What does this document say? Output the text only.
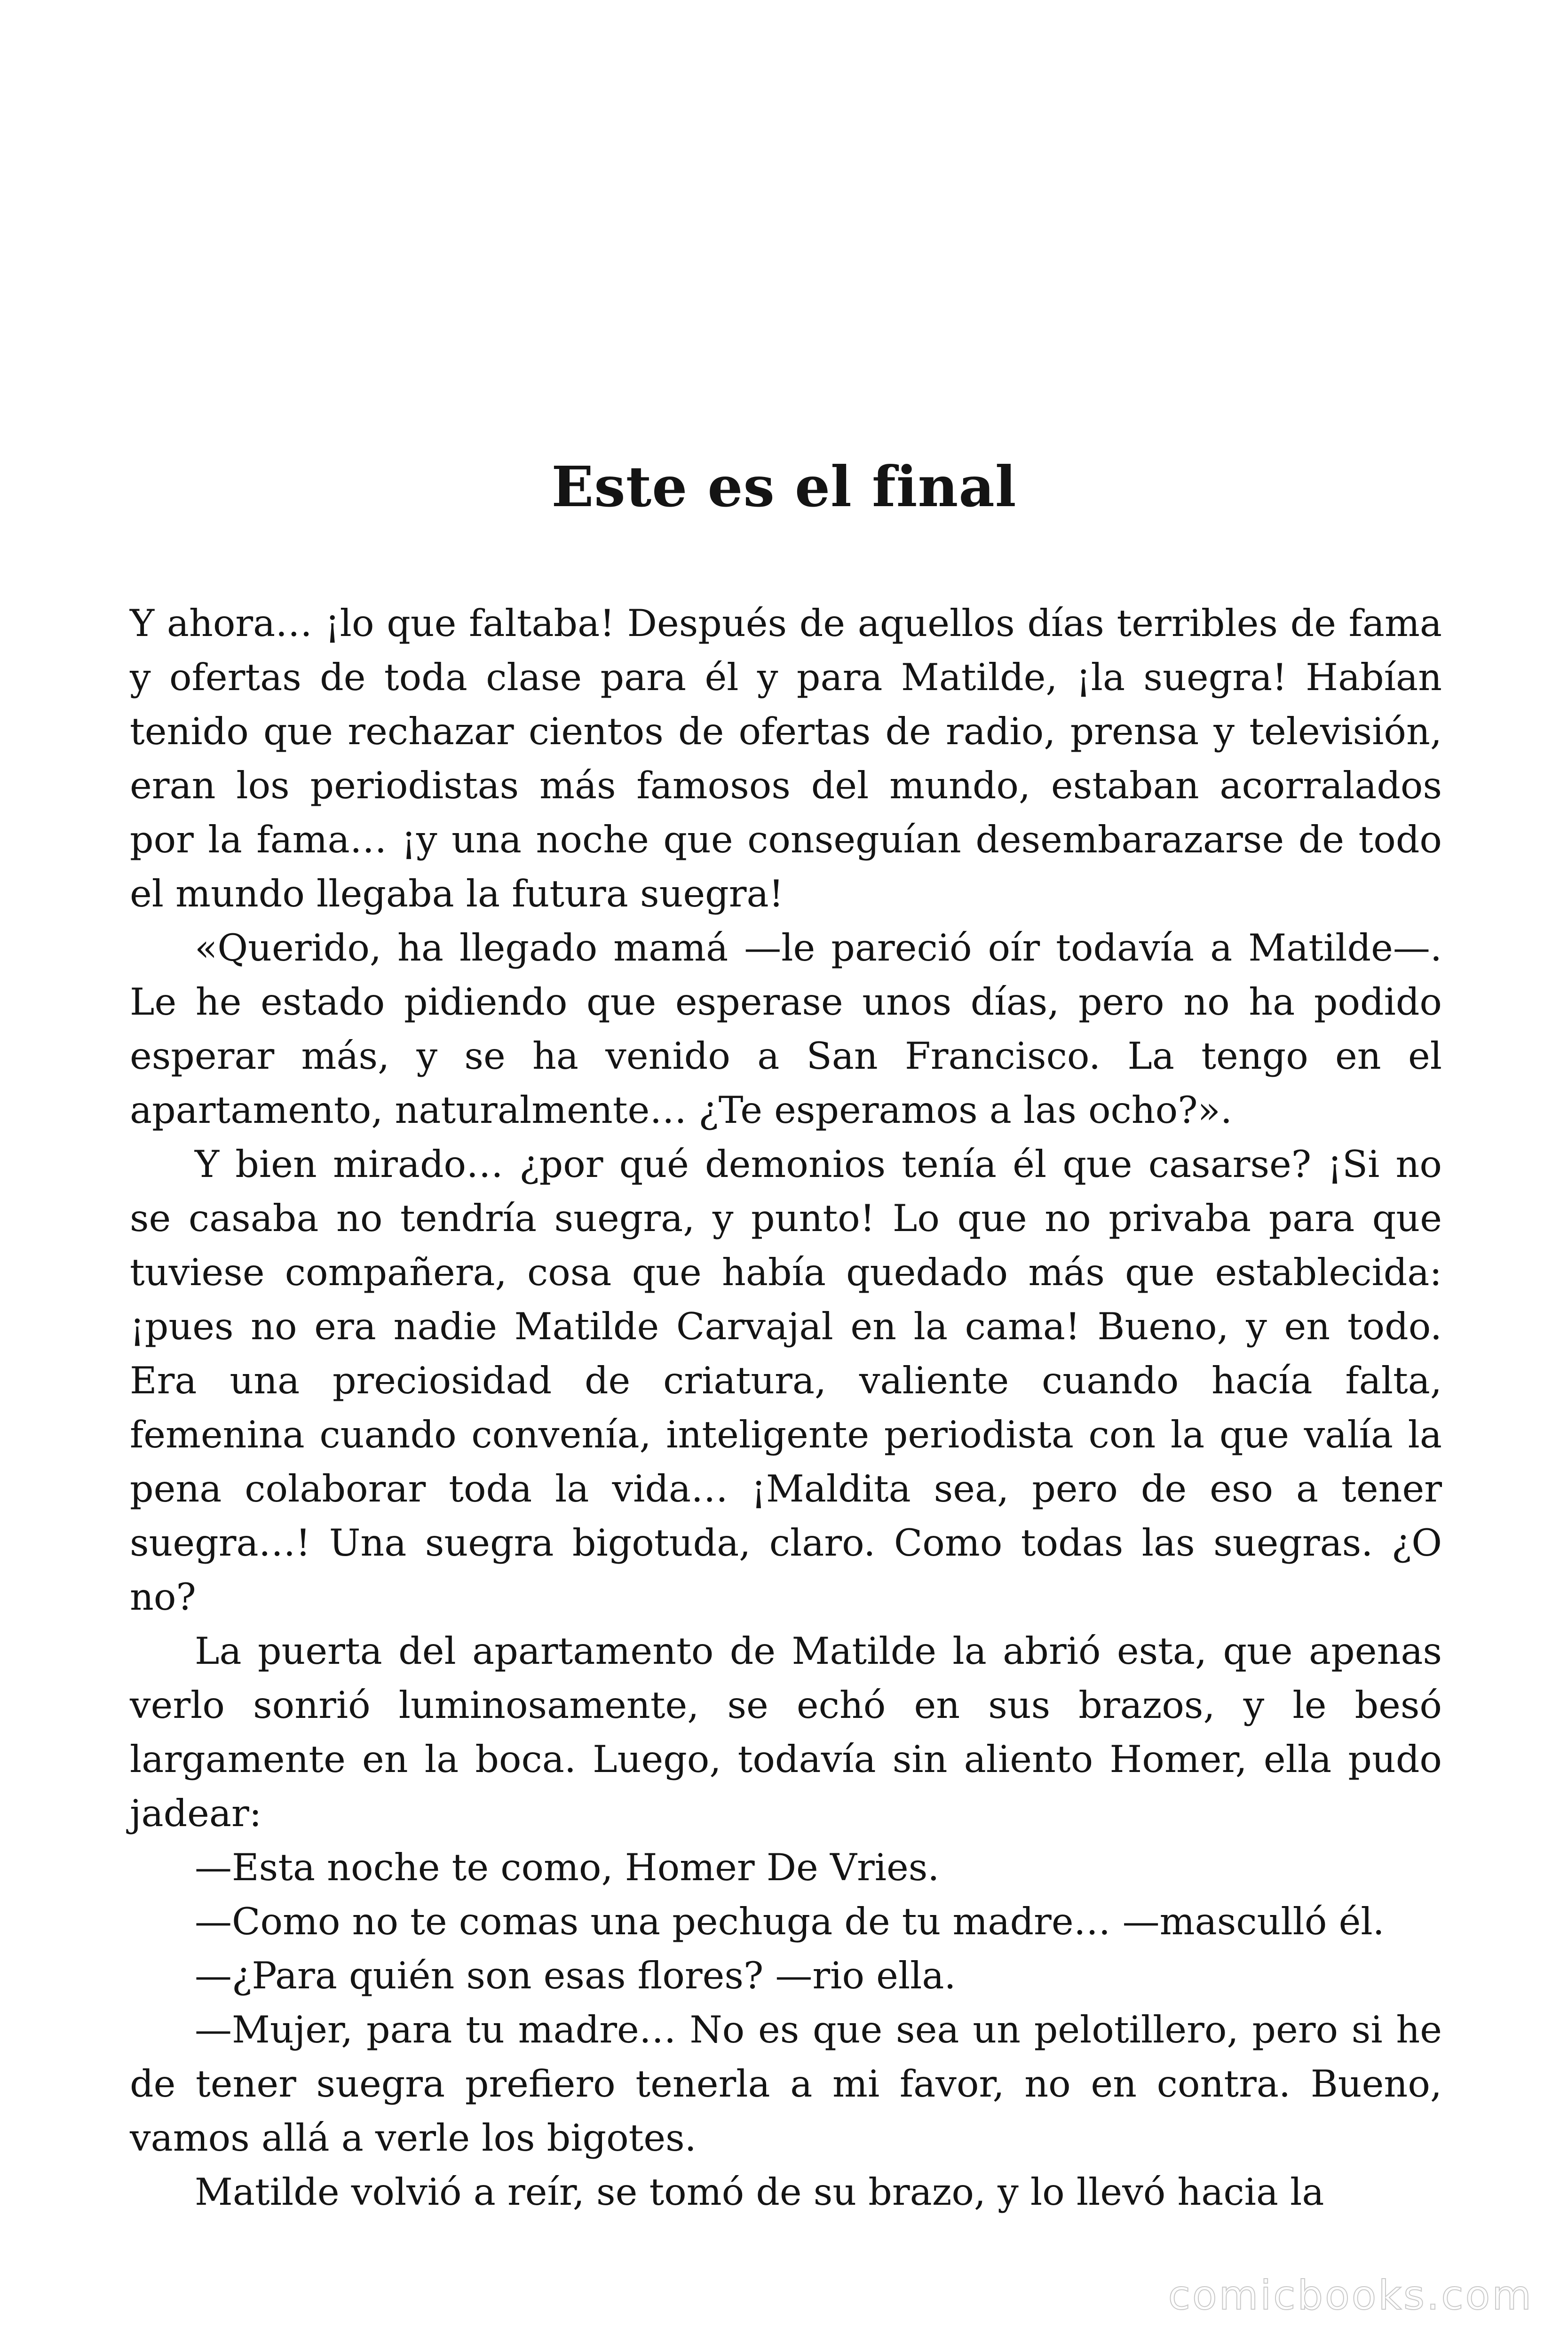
Este es el final

Y ahora… ¡lo que faltaba! Después de aquellos días terribles de fama y ofertas de toda clase para él y para Matilde, ¡la suegra! Habían tenido que rechazar cientos de ofertas de radio, prensa y televisión, eran los periodistas más famosos del mundo, estaban acorralados por la fama… ¡y una noche que conseguían desembarazarse de todo el mundo llegaba la futura suegra!

«Querido, ha llegado mamá —le pareció oír todavía a Matilde—. Le he estado pidiendo que esperase unos días, pero no ha podido esperar más, y se ha venido a San Francisco. La tengo en el apartamento, naturalmente… ¿Te esperamos a las ocho?».

Y bien mirado… ¿por qué demonios tenía él que casarse? ¡Si no se casaba no tendría suegra, y punto! Lo que no privaba para que tuviese compañera, cosa que había quedado más que establecida: ¡pues no era nadie Matilde Carvajal en la cama! Bueno, y en todo. Era una preciosidad de criatura, valiente cuando hacía falta, femenina cuando convenía, inteligente periodista con la que valía la pena colaborar toda la vida… ¡Maldita sea, pero de eso a tener suegra…! Una suegra bigotuda, claro. Como todas las suegras. ¿O no?

La puerta del apartamento de Matilde la abrió esta, que apenas verlo sonrió luminosamente, se echó en sus brazos, y le besó largamente en la boca. Luego, todavía sin aliento Homer, ella pudo jadear:

—Esta noche te como, Homer De Vries.

—Como no te comas una pechuga de tu madre… —masculló él.

—¿Para quién son esas flores? —rio ella.

—Mujer, para tu madre… No es que sea un pelotillero, pero si he de tener suegra prefiero tenerla a mi favor, no en contra. Bueno, vamos allá a verle los bigotes.

Matilde volvió a reír, se tomó de su brazo, y lo llevó hacia la

comicbooks.com
